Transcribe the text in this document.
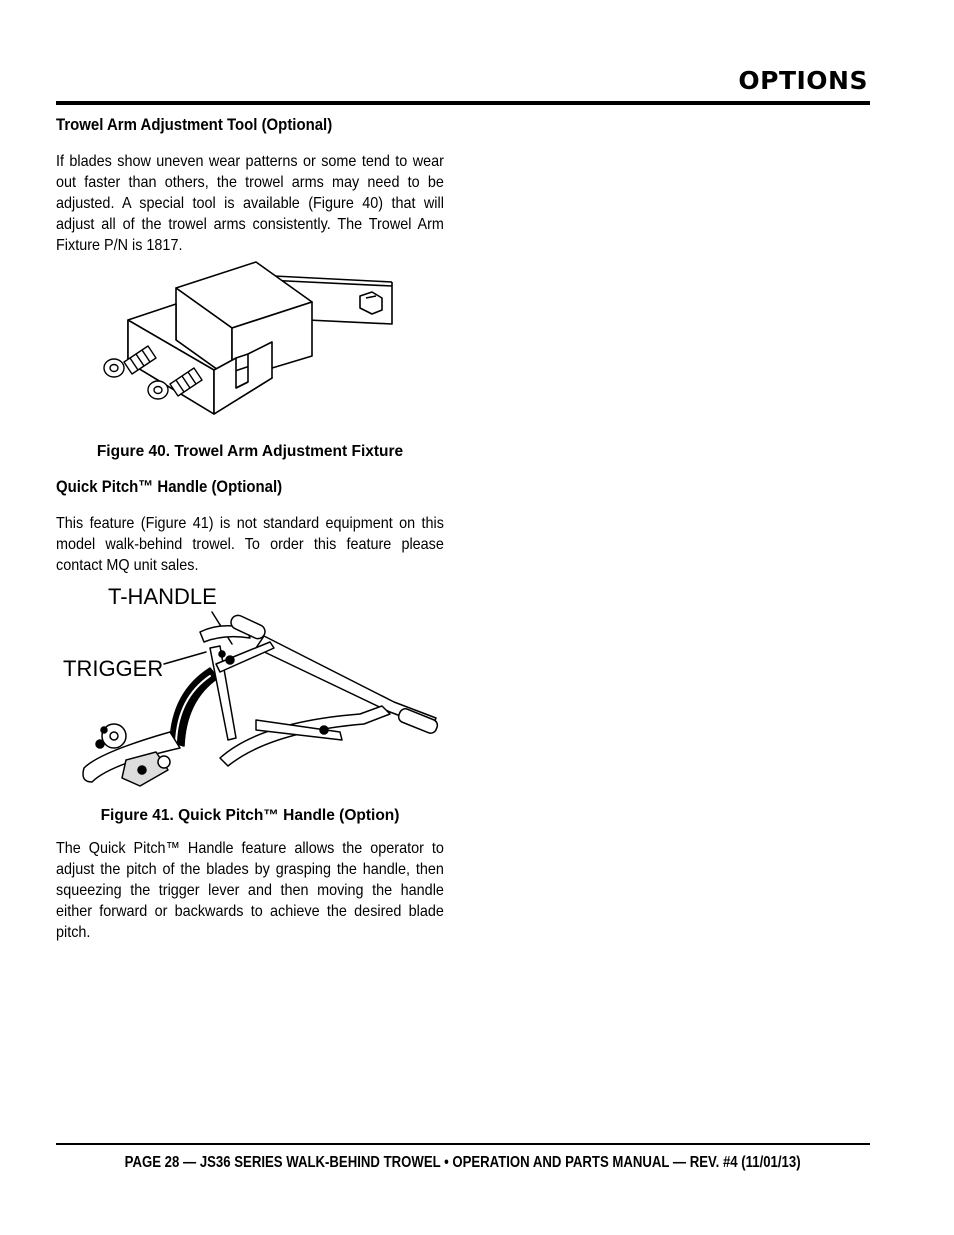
OPTIONS
Trowel Arm Adjustment Tool (Optional)

If blades show uneven wear patterns or some tend to wear out faster than others, the trowel arms may need to be adjusted. A special tool is available (Figure 40) that will adjust all of the trowel arms consistently. The Trowel Arm Fixture P/N is 1817.

Figure 40. Trowel Arm Adjustment Fixture

Quick Pitch™ Handle (Optional)

This feature (Figure 41) is not standard equipment on this model walk-behind trowel. To order this feature please contact MQ unit sales.

T-HANDLE
TRIGGER

Figure 41. Quick Pitch™ Handle (Option)

The Quick Pitch™ Handle feature allows the operator to adjust the pitch of the blades by grasping the handle, then squeezing the trigger lever and then moving the handle either forward or backwards to achieve the desired blade pitch.

PAGE 28 — JS36 SERIES WALK-BEHIND TROWEL • OPERATION AND PARTS MANUAL — REV. #4 (11/01/13)
